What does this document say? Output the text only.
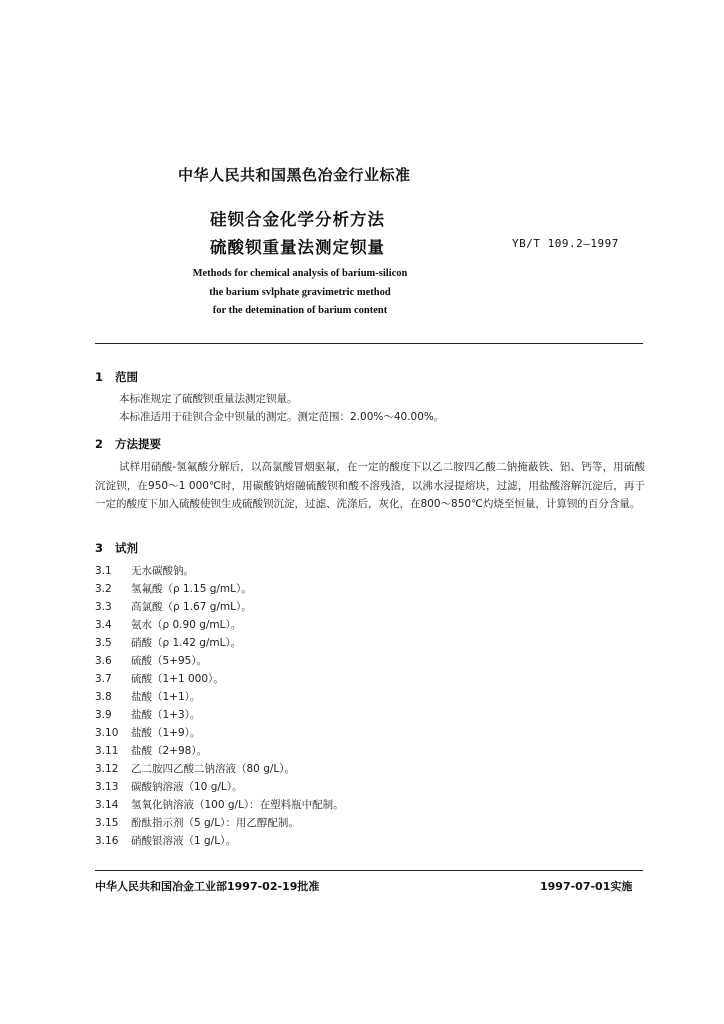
中华人民共和国黑色冶金行业标准
硅钡合金化学分析方法
硫酸钡重量法测定钡量	YB/T 109.2—1997
Methods for chemical analysis of barium-silicon
the barium svlphate gravimetric method
for the detemination of barium content
1 范围
本标准规定了硫酸钡重量法测定钡量。
本标准适用于硅钡合金中钡量的测定。测定范围：2.00%～40.00%。
2 方法提要
试样用硝酸-氢氟酸分解后，以高氯酸冒烟驱氟，在一定的酸度下以乙二胺四乙酸二钠掩蔽铁、铝、钙等，用硫酸沉淀钡，在950～1 000℃时，用碳酸钠熔融硫酸钡和酸不溶残渣，以沸水浸提熔块，过滤，用盐酸溶解沉淀后，再于一定的酸度下加入硫酸使钡生成硫酸钡沉淀，过滤、洗涤后，灰化，在800～850℃灼烧至恒量，计算钡的百分含量。
3 试剂
3.1 无水碳酸钠。
3.2 氢氟酸（ρ 1.15 g/mL）。
3.3 高氯酸（ρ 1.67 g/mL）。
3.4 氨水（ρ 0.90 g/mL）。
3.5 硝酸（ρ 1.42 g/mL）。
3.6 硫酸（5+95）。
3.7 硫酸（1+1 000）。
3.8 盐酸（1+1）。
3.9 盐酸（1+3）。
3.10 盐酸（1+9）。
3.11 盐酸（2+98）。
3.12 乙二胺四乙酸二钠溶液（80 g/L）。
3.13 碳酸钠溶液（10 g/L）。
3.14 氢氧化钠溶液（100 g/L）：在塑料瓶中配制。
3.15 酚酞指示剂（5 g/L）：用乙醇配制。
3.16 硝酸银溶液（1 g/L）。
中华人民共和国冶金工业部1997-02-19批准	1997-07-01实施
